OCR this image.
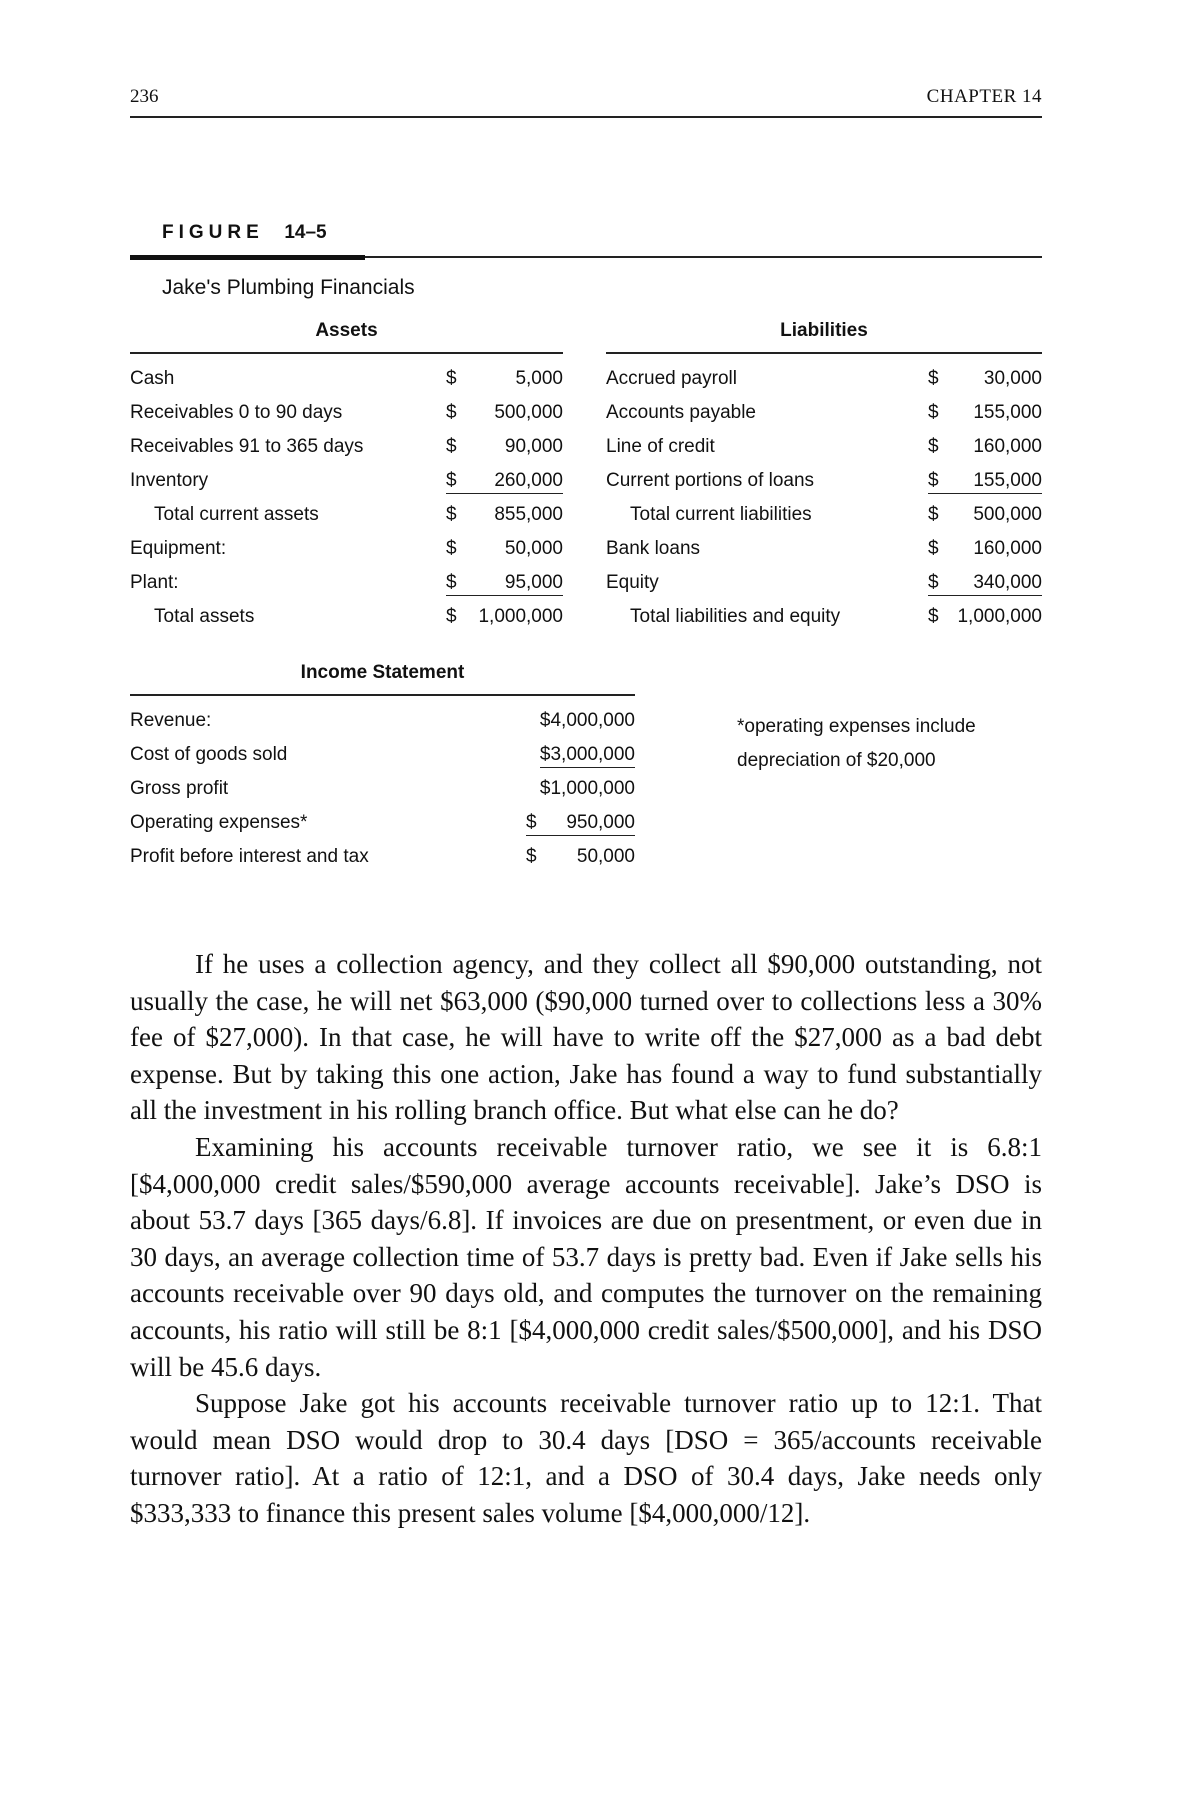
236	CHAPTER 14
FIGURE 14–5
Jake's Plumbing Financials
Assets
Cash	$	5,000
Receivables 0 to 90 days	$ 500,000
Receivables 91 to 365 days	$	90,000
Inventory	$ 260,000
Total current assets	$ 855,000
Equipment:	$	50,000
Plant:	$	95,000
Total assets	$ 1,000,000
Liabilities
Accrued payroll	$ 30,000
Accounts payable	$ 155,000
Line of credit	$ 160,000
Current portions of loans	$ 155,000
Total current liabilities	$ 500,000
Bank loans	$ 160,000
Equity	$ 340,000
Total liabilities and equity	$ 1,000,000
Income Statement
Revenue:	$4,000,000
Cost of goods sold	$3,000,000
Gross profit	$1,000,000
Operating expenses*	$ 950,000
Profit before interest and tax	$ 50,000
*operating expenses include
depreciation of $20,000

If he uses a collection agency, and they collect all $90,000 outstanding, not usually the case, he will net $63,000 ($90,000 turned over to collections less a 30% fee of $27,000). In that case, he will have to write off the $27,000 as a bad debt expense. But by taking this one action, Jake has found a way to fund substantially all the investment in his rolling branch office. But what else can he do?

Examining his accounts receivable turnover ratio, we see it is 6.8:1 [$4,000,000 credit sales/$590,000 average accounts receivable]. Jake’s DSO is about 53.7 days [365 days/6.8]. If invoices are due on presentment, or even due in 30 days, an average collection time of 53.7 days is pretty bad. Even if Jake sells his accounts receivable over 90 days old, and computes the turnover on the remaining accounts, his ratio will still be 8:1 [$4,000,000 credit sales/$500,000], and his DSO will be 45.6 days.

Suppose Jake got his accounts receivable turnover ratio up to 12:1. That would mean DSO would drop to 30.4 days [DSO = 365/accounts receivable turnover ratio]. At a ratio of 12:1, and a DSO of 30.4 days, Jake needs only $333,333 to finance this present sales volume [$4,000,000/12].
